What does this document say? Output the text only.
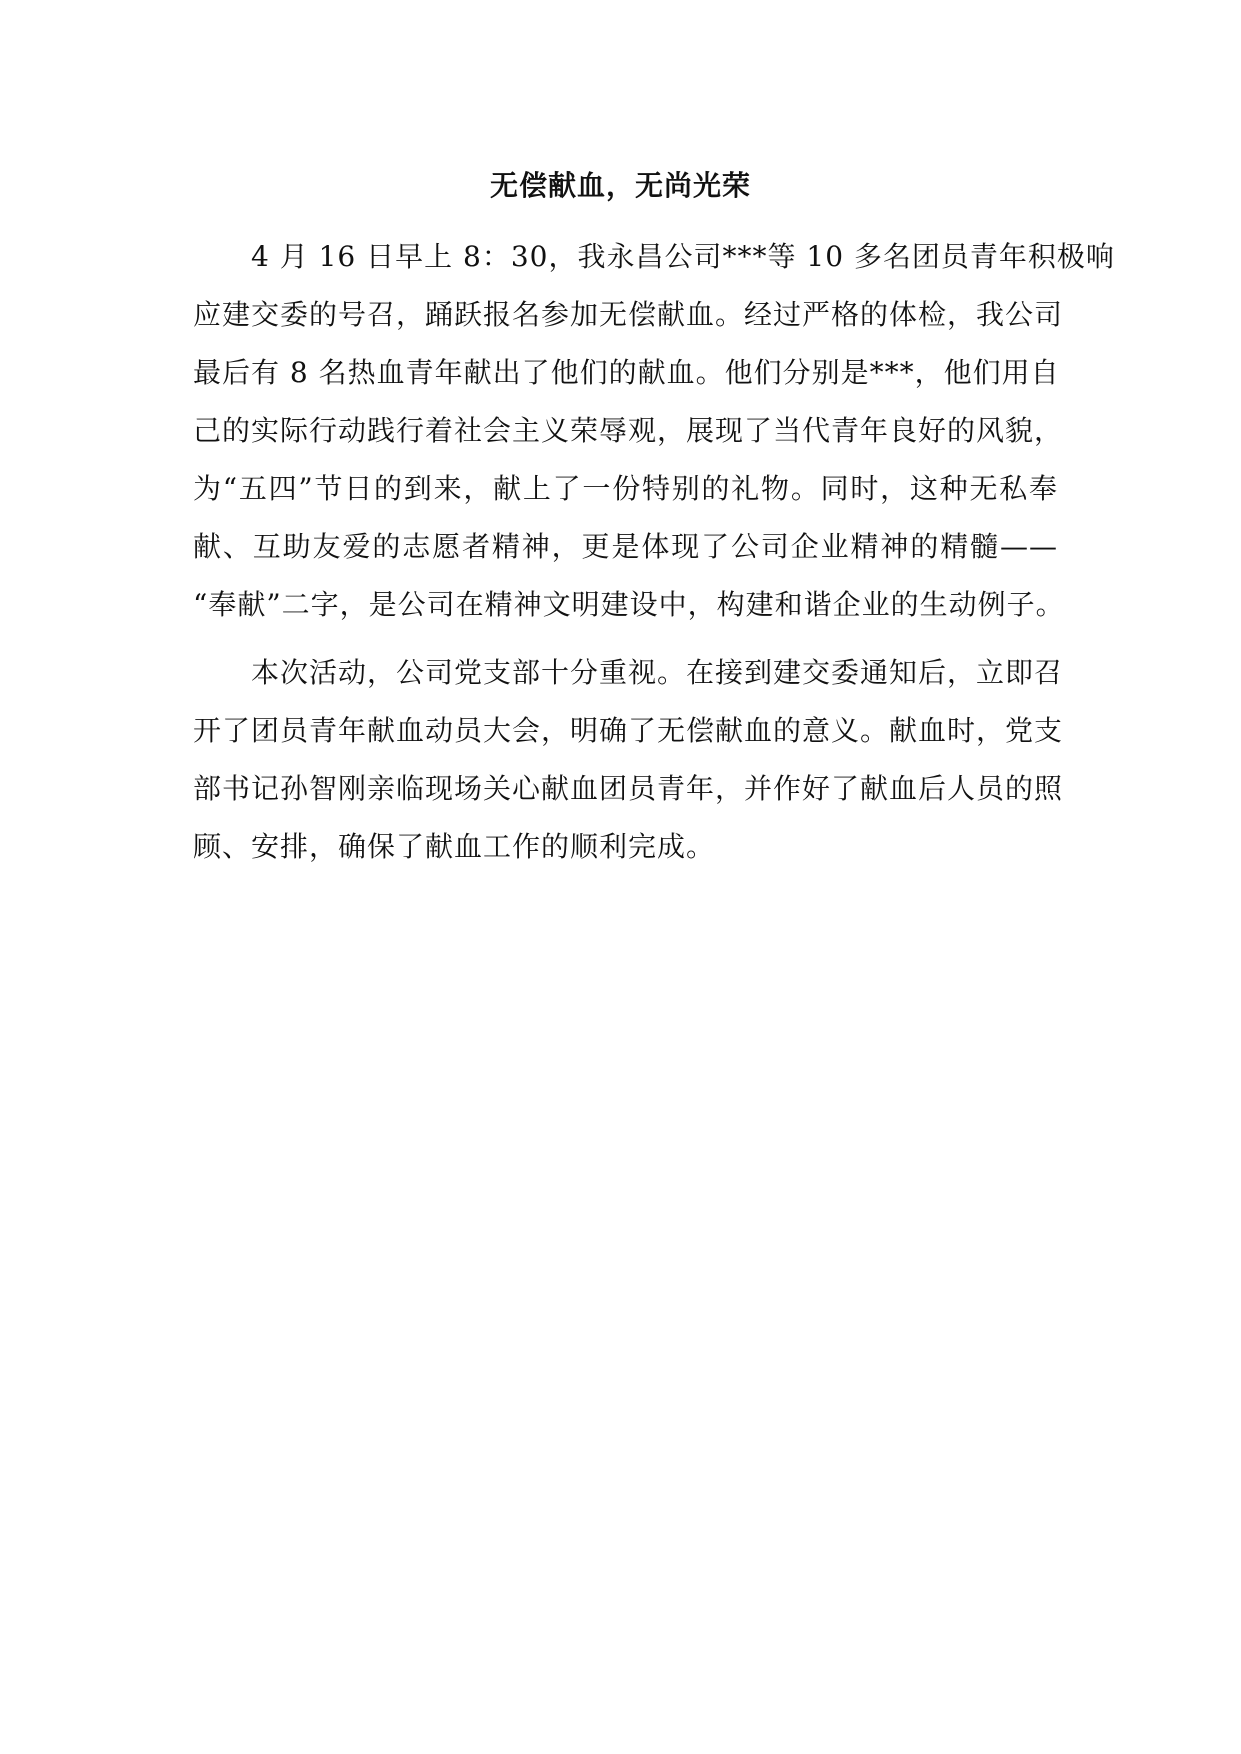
无偿献血，无尚光荣
4 月 16 日早上 8：30，我永昌公司***等 10 多名团员青年积极响
应建交委的号召，踊跃报名参加无偿献血。经过严格的体检，我公司
最后有 8 名热血青年献出了他们的献血。他们分别是***，他们用自
己的实际行动践行着社会主义荣辱观，展现了当代青年良好的风貌，
为“五四”节日的到来，献上了一份特别的礼物。同时，这种无私奉
献、互助友爱的志愿者精神，更是体现了公司企业精神的精髓——
“奉献”二字，是公司在精神文明建设中，构建和谐企业的生动例子。
本次活动，公司党支部十分重视。在接到建交委通知后，立即召
开了团员青年献血动员大会，明确了无偿献血的意义。献血时，党支
部书记孙智刚亲临现场关心献血团员青年，并作好了献血后人员的照
顾、安排，确保了献血工作的顺利完成。
